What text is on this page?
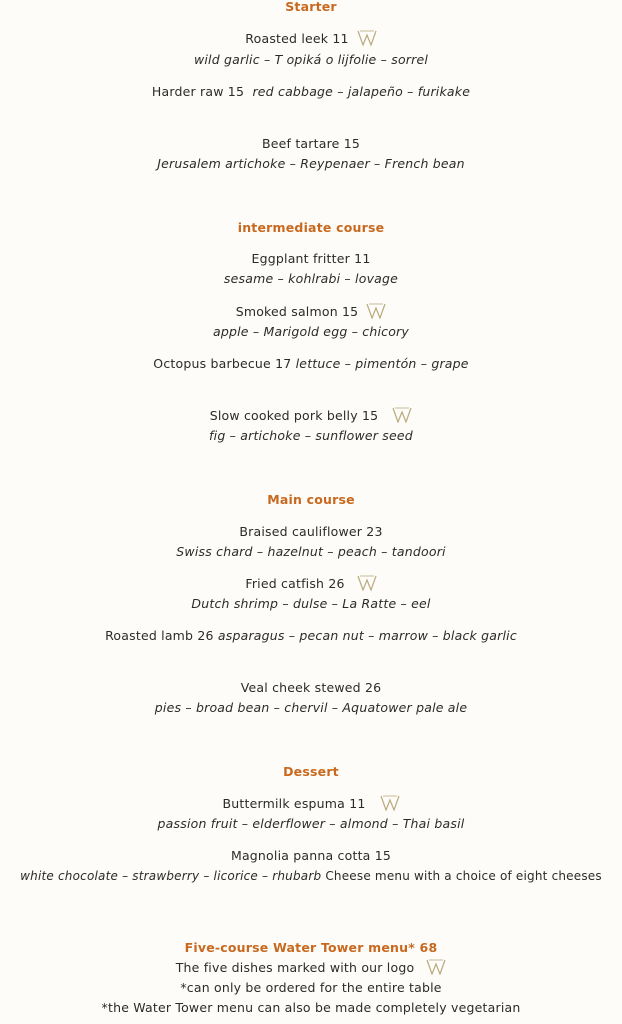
Starter
Roasted leek 11
wild garlic – T opiká o lijfolie – sorrel
Harder raw 15 red cabbage – jalapeño – furikake
Beef tartare 15
Jerusalem artichoke – Reypenaer – French bean
intermediate course
Eggplant fritter 11
sesame – kohlrabi – lovage
Smoked salmon 15
apple – Marigold egg – chicory
Octopus barbecue 17 lettuce – pimentón – grape
Slow cooked pork belly 15
fig – artichoke – sunflower seed
Main course
Braised cauliflower 23
Swiss chard – hazelnut – peach – tandoori
Fried catfish 26
Dutch shrimp – dulse – La Ratte – eel
Roasted lamb 26 asparagus – pecan nut – marrow – black garlic
Veal cheek stewed 26
pies – broad bean – chervil – Aquatower pale ale
Dessert
Buttermilk espuma 11
passion fruit – elderflower – almond – Thai basil
Magnolia panna cotta 15
white chocolate – strawberry – licorice – rhubarb Cheese menu with a choice of eight cheeses
Five-course Water Tower menu* 68
The five dishes marked with our logo
*can only be ordered for the entire table
*the Water Tower menu can also be made completely vegetarian
